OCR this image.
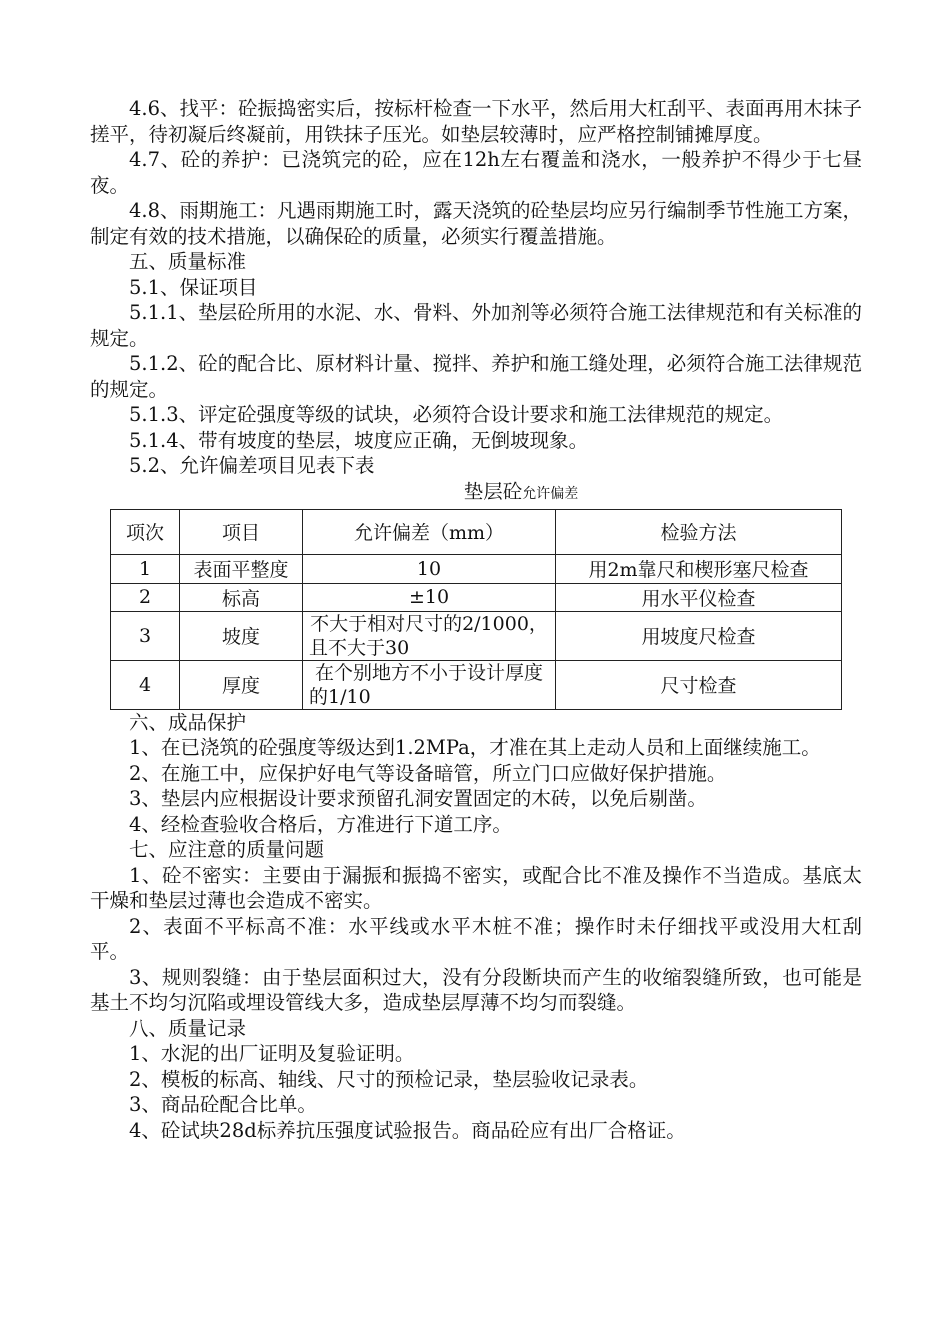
4.6、找平：砼振捣密实后，按标杆检查一下水平，然后用大杠刮平、表面再用木抹子搓平，待初凝后终凝前，用铁抹子压光。如垫层较薄时，应严格控制铺摊厚度。

4.7、砼的养护：已浇筑完的砼，应在12h左右覆盖和浇水，一般养护不得少于七昼夜。

4.8、雨期施工：凡遇雨期施工时，露天浇筑的砼垫层均应另行编制季节性施工方案，制定有效的技术措施，以确保砼的质量，必须实行覆盖措施。

五、质量标准

5.1、保证项目

5.1.1、垫层砼所用的水泥、水、骨料、外加剂等必须符合施工法律规范和有关标准的规定。

5.1.2、砼的配合比、原材料计量、搅拌、养护和施工缝处理，必须符合施工法律规范的规定。

5.1.3、评定砼强度等级的试块，必须符合设计要求和施工法律规范的规定。

5.1.4、带有坡度的垫层，坡度应正确，无倒坡现象。

5.2、允许偏差项目见表下表

垫层砼允许偏差

项次	项目	允许偏差（mm）	检验方法
1	表面平整度	10	用2m靠尺和楔形塞尺检查
2	标高	±10	用水平仪检查
3	坡度	不大于相对尺寸的2/1000，且不大于30	用坡度尺检查
4	厚度	在个别地方不小于设计厚度的1/10	尺寸检查

六、成品保护

1、在已浇筑的砼强度等级达到1.2MPa，才准在其上走动人员和上面继续施工。

2、在施工中，应保护好电气等设备暗管，所立门口应做好保护措施。

3、垫层内应根据设计要求预留孔洞安置固定的木砖，以免后剔凿。

4、经检查验收合格后，方准进行下道工序。

七、应注意的质量问题

1、砼不密实：主要由于漏振和振捣不密实，或配合比不准及操作不当造成。基底太干燥和垫层过薄也会造成不密实。

2、表面不平标高不准：水平线或水平木桩不准；操作时未仔细找平或没用大杠刮平。

3、规则裂缝：由于垫层面积过大，没有分段断块而产生的收缩裂缝所致，也可能是基土不均匀沉陷或埋设管线大多，造成垫层厚薄不均匀而裂缝。

八、质量记录

1、水泥的出厂证明及复验证明。

2、模板的标高、轴线、尺寸的预检记录，垫层验收记录表。

3、商品砼配合比单。

4、砼试块28d标养抗压强度试验报告。商品砼应有出厂合格证。
